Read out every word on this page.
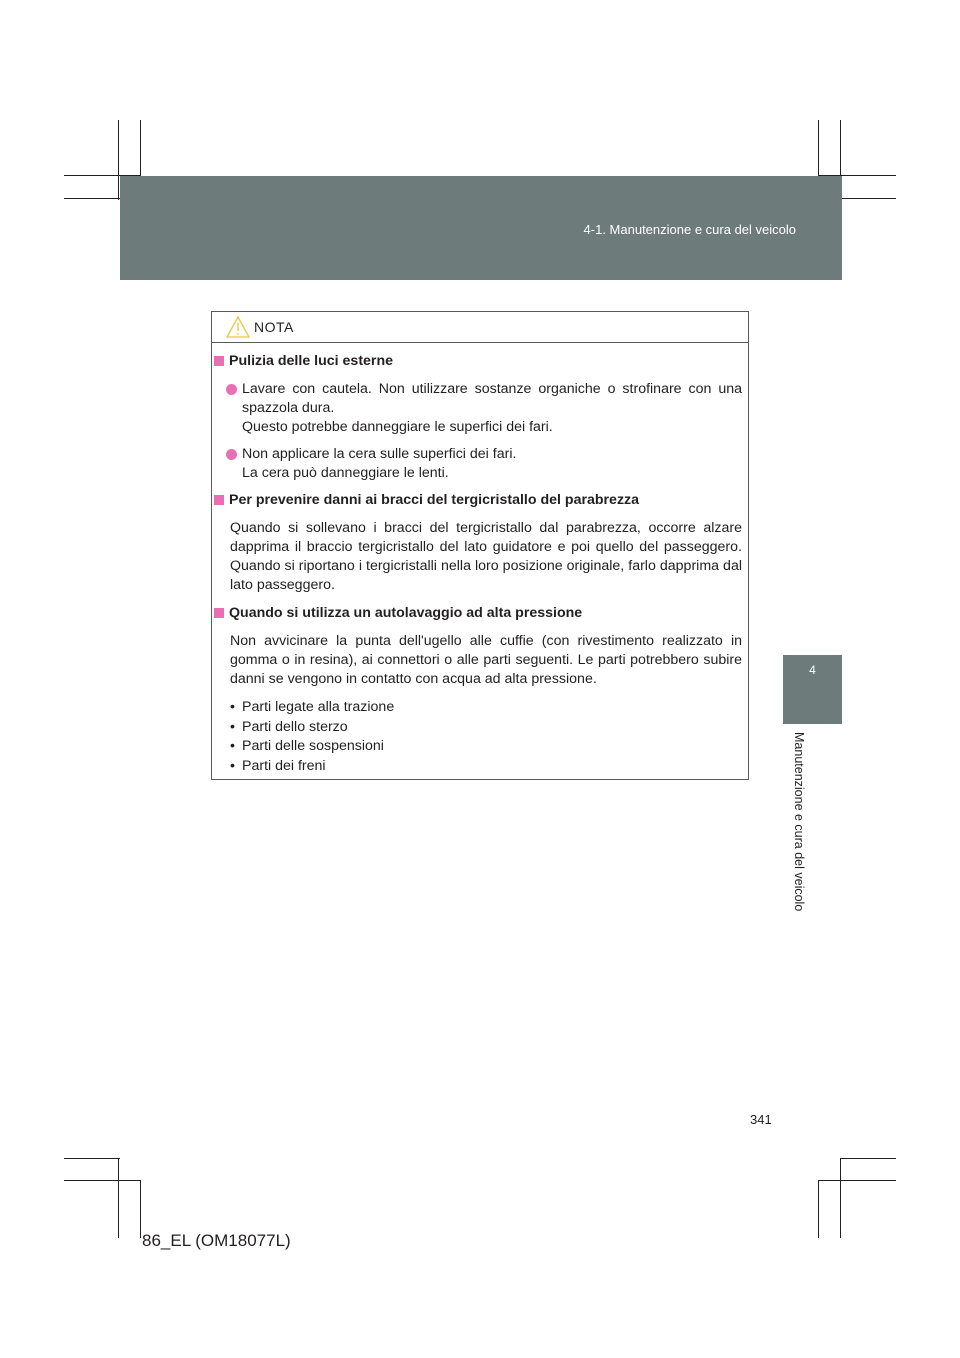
4-1. Manutenzione e cura del veicolo
4
Manutenzione e cura del veicolo
NOTA
Pulizia delle luci esterne
Lavare con cautela. Non utilizzare sostanze organiche o strofinare con una spazzola dura.
Questo potrebbe danneggiare le superfici dei fari.
Non applicare la cera sulle superfici dei fari.
La cera può danneggiare le lenti.
Per prevenire danni ai bracci del tergicristallo del parabrezza
Quando si sollevano i bracci del tergicristallo dal parabrezza, occorre alzare dapprima il braccio tergicristallo del lato guidatore e poi quello del passeggero. Quando si riportano i tergicristalli nella loro posizione originale, farlo dapprima dal lato passeggero.
Quando si utilizza un autolavaggio ad alta pressione
Non avvicinare la punta dell'ugello alle cuffie (con rivestimento realizzato in gomma o in resina), ai connettori o alle parti seguenti. Le parti potrebbero subire danni se vengono in contatto con acqua ad alta pressione.
• Parti legate alla trazione
• Parti dello sterzo
• Parti delle sospensioni
• Parti dei freni
341
86_EL (OM18077L)
